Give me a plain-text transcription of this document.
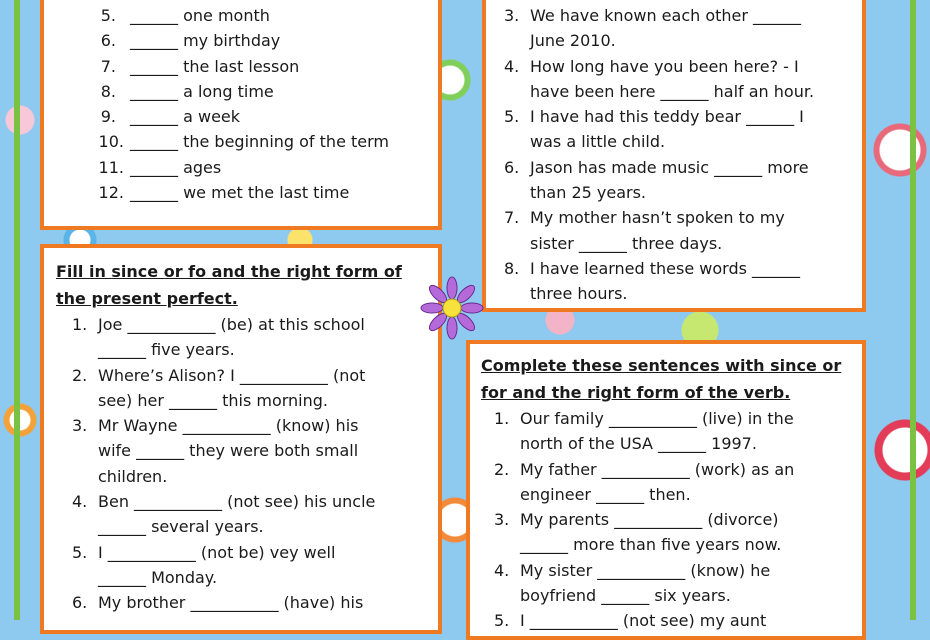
5. ______ one month
6. ______ my birthday
7. ______ the last lesson
8. ______ a long time
9. ______ a week
10. ______ the beginning of the term
11. ______ ages
12. ______ we met the last time
3. We have known each other ______
June 2010.
4. How long have you been here? - I
have been here ______ half an hour.
5. I have had this teddy bear ______ I
was a little child.
6. Jason has made music ______ more
than 25 years.
7. My mother hasn’t spoken to my
sister ______ three days.
8. I have learned these words ______
three hours.
Fill in since or fo and the right form of
the present perfect.
1. Joe ___________ (be) at this school
______ five years.
2. Where’s Alison? I ___________ (not
see) her ______ this morning.
3. Mr Wayne ___________ (know) his
wife ______ they were both small
children.
4. Ben ___________ (not see) his uncle
______ several years.
5. I ___________ (not be) vey well
______ Monday.
6. My brother ___________ (have) his
Complete these sentences with since or
for and the right form of the verb.
1. Our family ___________ (live) in the
north of the USA ______ 1997.
2. My father ___________ (work) as an
engineer ______ then.
3. My parents ___________ (divorce)
______ more than five years now.
4. My sister ___________ (know) he
boyfriend ______ six years.
5. I ___________ (not see) my aunt
